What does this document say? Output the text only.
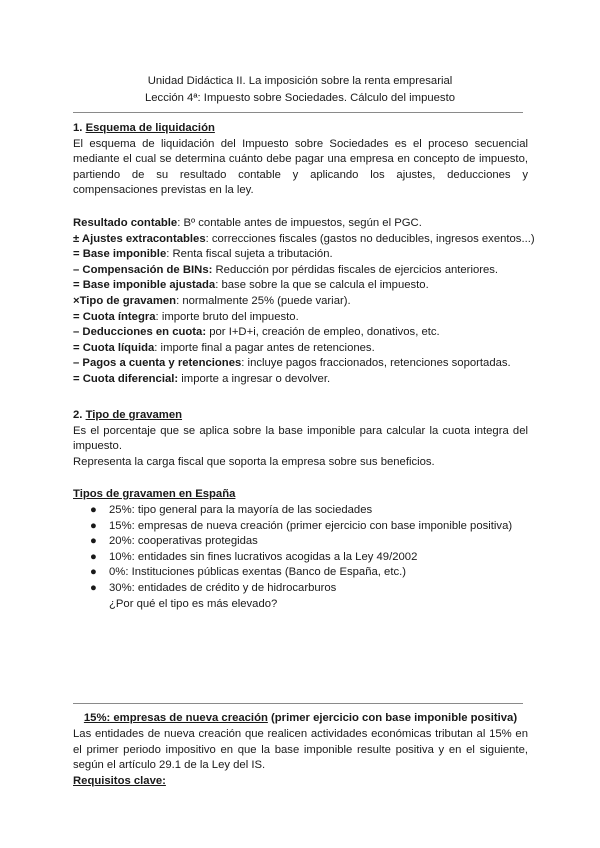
Unidad Didáctica II. La imposición sobre la renta empresarial
Lección 4ª: Impuesto sobre Sociedades. Cálculo del impuesto
1. Esquema de liquidación
El esquema de liquidación del Impuesto sobre Sociedades es el proceso secuencial mediante el cual se determina cuánto debe pagar una empresa en concepto de impuesto, partiendo de su resultado contable y aplicando los ajustes, deducciones y compensaciones previstas en la ley.
Resultado contable: Bº contable antes de impuestos, según el PGC.
± Ajustes extracontables: correcciones fiscales (gastos no deducibles, ingresos exentos...)
= Base imponible: Renta fiscal sujeta a tributación.
– Compensación de BINs: Reducción por pérdidas fiscales de ejercicios anteriores.
= Base imponible ajustada: base sobre la que se calcula el impuesto.
×Tipo de gravamen: normalmente 25% (puede variar).
= Cuota íntegra: importe bruto del impuesto.
– Deducciones en cuota: por I+D+i, creación de empleo, donativos, etc.
= Cuota líquida: importe final a pagar antes de retenciones.
– Pagos a cuenta y retenciones: incluye pagos fraccionados, retenciones soportadas.
= Cuota diferencial: importe a ingresar o devolver.
2. Tipo de gravamen
Es el porcentaje que se aplica sobre la base imponible para calcular la cuota integra del impuesto.
Representa la carga fiscal que soporta la empresa sobre sus beneficios.
Tipos de gravamen en España
● 25%: tipo general para la mayoría de las sociedades
● 15%: empresas de nueva creación (primer ejercicio con base imponible positiva)
● 20%: cooperativas protegidas
● 10%: entidades sin fines lucrativos acogidas a la Ley 49/2002
● 0%: Instituciones públicas exentas (Banco de España, etc.)
● 30%: entidades de crédito y de hidrocarburos
¿Por qué el tipo es más elevado?
15%: empresas de nueva creación (primer ejercicio con base imponible positiva)
Las entidades de nueva creación que realicen actividades económicas tributan al 15% en el primer periodo impositivo en que la base imponible resulte positiva y en el siguiente, según el artículo 29.1 de la Ley del IS.
Requisitos clave:
